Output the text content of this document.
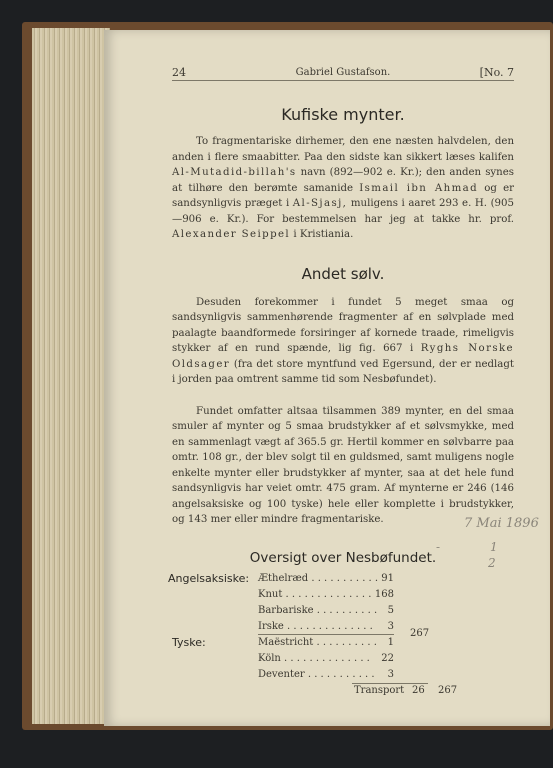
24	Gabriel Gustafson.	[No. 7
Kufiske mynter.

To fragmentariske dirhemer, den ene næsten halvdelen, den anden i flere smaabitter. Paa den sidste kan sikkert læses kalifen Al-Mutadid-billah's navn (892—902 e. Kr.); den anden synes at tilhøre den berømte samanide Ismail ibn Ahmad og er sandsynligvis præget i Al-Sjasj, muligens i aaret 293 e. H. (905—906 e. Kr.). For bestemmelsen har jeg at takke hr. prof. Alexander Seippel i Kristiania.

Andet sølv.

Desuden forekommer i fundet 5 meget smaa og sandsynligvis sammenhørende fragmenter af en sølvplade med paalagte baandformede forsiringer af kornede traade, rimeligvis stykker af en rund spænde, lig fig. 667 i Ryghs Norske Oldsager (fra det store myntfund ved Egersund, der er nedlagt i jorden paa omtrent samme tid som Nesbøfundet).

Fundet omfatter altsaa tilsammen 389 mynter, en del smaa smuler af mynter og 5 smaa brudstykker af et sølvsmykke, med en sammenlagt vægt af 365.5 gr. Hertil kommer en sølvbarre paa omtr. 108 gr., der blev solgt til en guldsmed, samt muligens nogle enkelte mynter eller brudstykker af mynter, saa at det hele fund sandsynligvis har veiet omtr. 475 gram. Af mynterne er 246 (146 angelsaksiske og 100 tyske) hele eller komplette i brudstykker, og 143 mer eller mindre fragmentariske.

Oversigt over Nesbøfundet.
Angelsaksiske: Æthelræd . . . . . . . . . . . 91
Knut . . . . . . . . . . . . . . 168
Barbariske . . . . . . . . . . 5
Irske . . . . . . . . . . . . . . 3
267
Tyske:	Maëstricht . . . . . . . . . . 1
Köln . . . . . . . . . . . . . . 22
Deventer . . . . . . . . . . . 3
Transport 26 267
7 Mai 1896
-	1
2
